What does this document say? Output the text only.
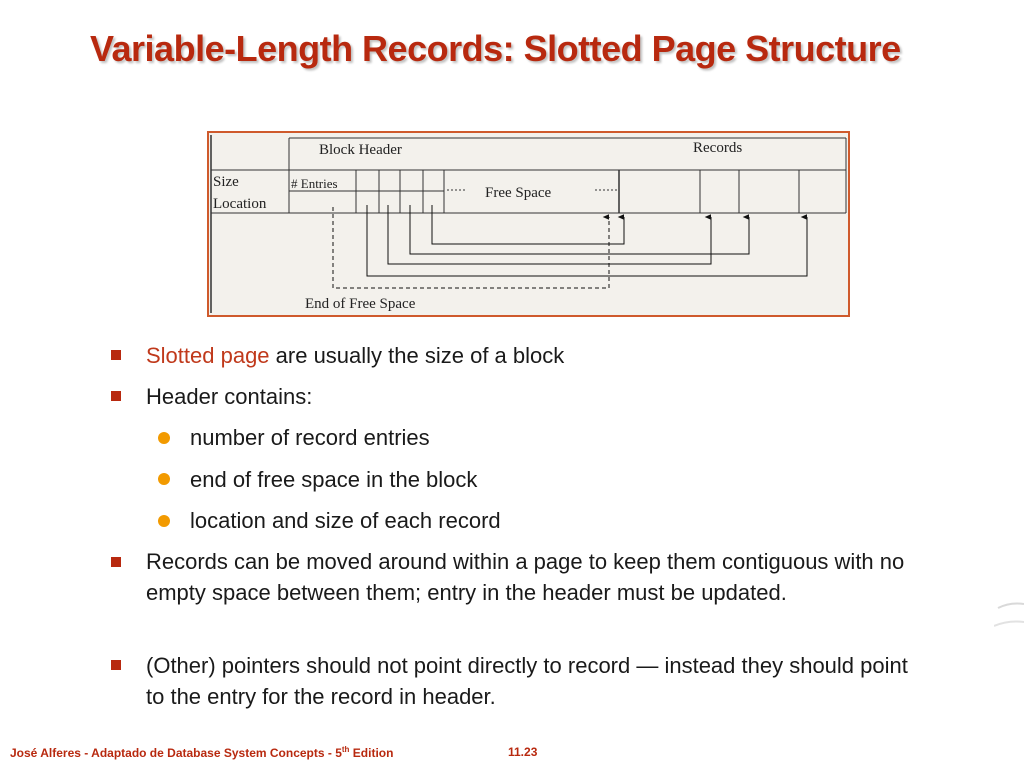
Variable-Length Records: Slotted Page Structure
Block Header	Records
Size
Location
# Entries
Free Space
End of Free Space
Slotted page are usually the size of a block
Header contains:
number of record entries
end of free space in the block
location and size of each record
Records can be moved around within a page to keep them contiguous with no empty space between them; entry in the header must be updated.
(Other) pointers should not point directly to record — instead they should point to the entry for the record in header.
José Alferes - Adaptado de Database System Concepts - 5th Edition	11.23
